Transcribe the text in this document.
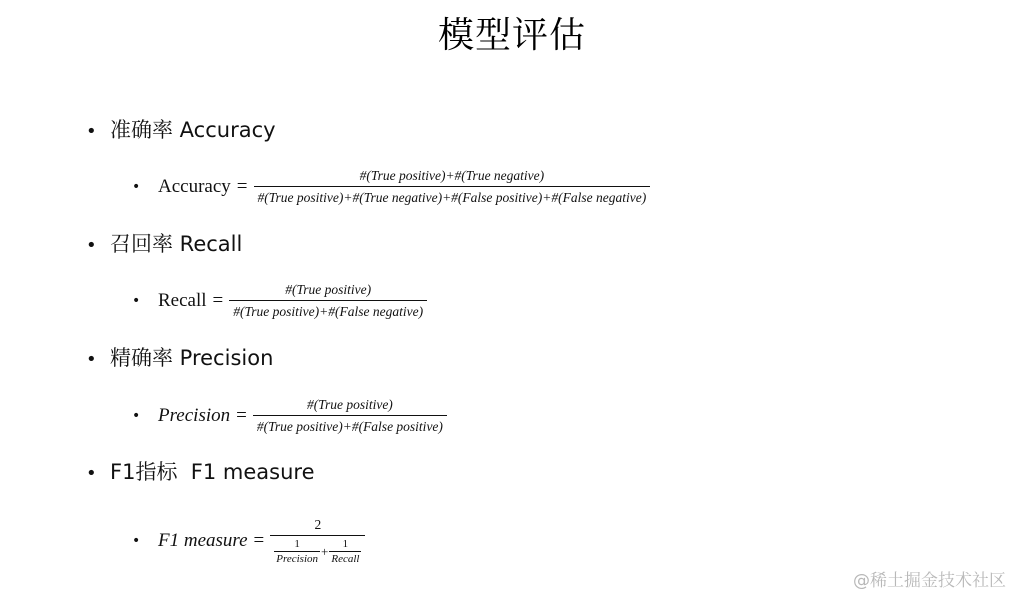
模型评估
• 准确率 Accuracy
• Accuracy =	#(True positive)+#(True negative)
#(True positive)+#(True negative)+#(False positive)+#(False negative)
• 召回率 Recall
• Recall = $\frac{\text{\#(True positive)}}{\text{\#(True positive)+\#(False negative)}}$
• 精确率 Precision
• Precision = $\frac{\text{\#(True positive)}}{\text{\#(True positive)+\#(False positive)}}$
• F1指标  F1 measure
• F1 measure =
2
$\frac{1}{\text{Precision}} + \frac{1}{\text{Recall}}$
@稀土掘金技术社区
